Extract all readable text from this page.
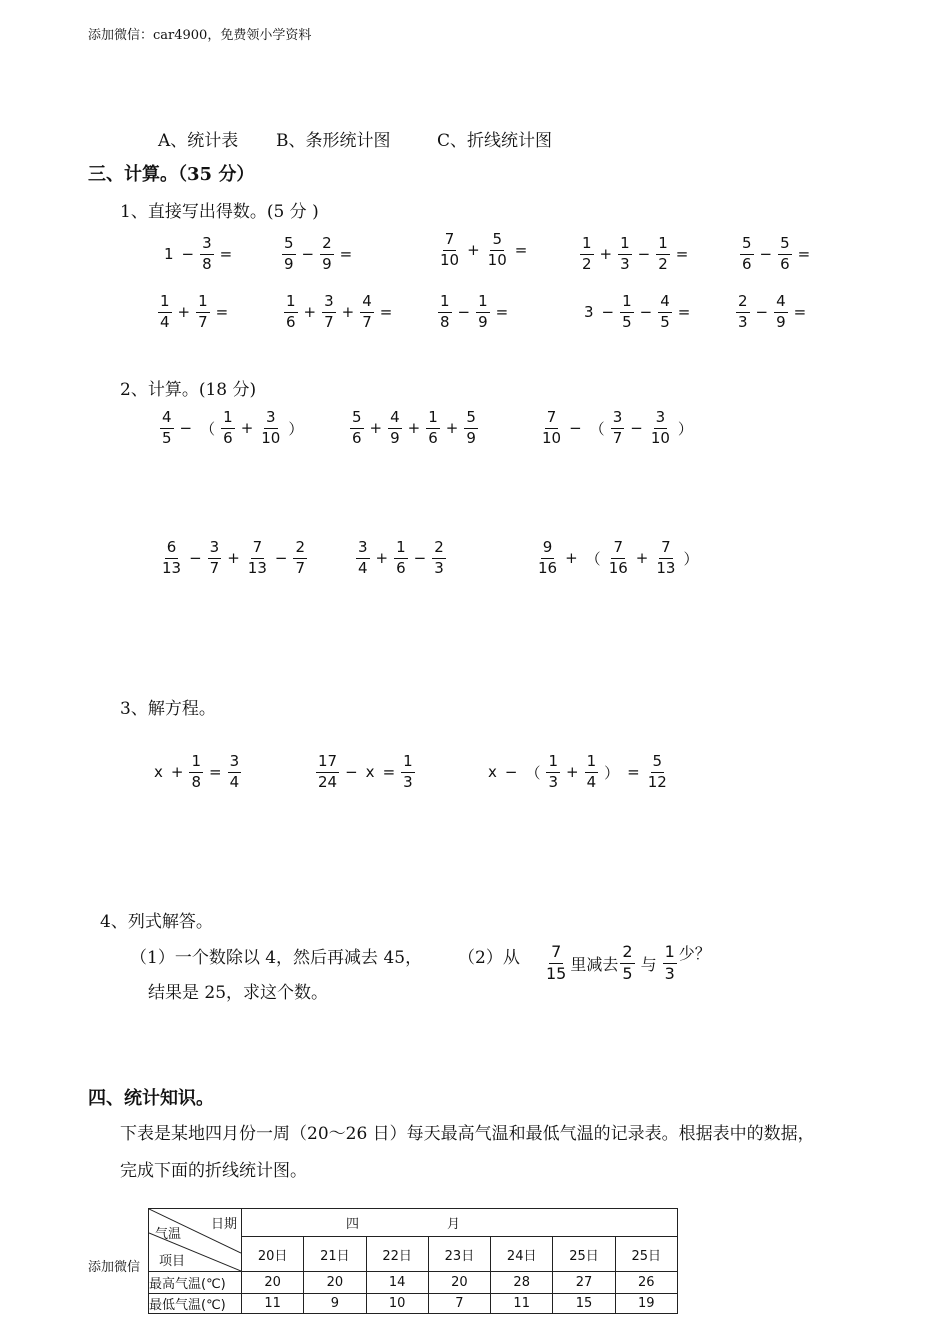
添加微信：car4900，免费领小学资料
A、统计表 B、条形统计图	C、折线统计图
三、计算。（35 分）
1、直接写出得数。(5 分 )
$1 - \frac{3}{8}$ =	$\frac{5}{9} - \frac{2}{9}$ =	$\frac{7}{10} + \frac{5}{10}$ =	$\frac{1}{2} + \frac{1}{3} - \frac{1}{2}$ =	$\frac{5}{6} - \frac{5}{6}$ =
$\frac{1}{4} + \frac{1}{7}$ =	$\frac{1}{6} + \frac{3}{7} + \frac{4}{7}$ =	$\frac{1}{8} - \frac{1}{9}$ =	$3 - \frac{1}{5} - \frac{4}{5}$ =	$\frac{2}{3} - \frac{4}{9}$ =
2、计算。(18 分)
$\frac{4}{5}$ − （ $\frac{1}{6} + \frac{3}{10}$ ）	$\frac{5}{6} + \frac{4}{9} + \frac{1}{6} + \frac{5}{9}$	$\frac{7}{10}$ − （ $\frac{3}{7} - \frac{3}{10}$ ）
$\frac{6}{13} - \frac{3}{7} + \frac{7}{13} - \frac{2}{7}$	$\frac{3}{4} + \frac{1}{6} - \frac{2}{3}$	$\frac{9}{16}$ + （ $\frac{7}{16} + \frac{7}{13}$ ）
3、解方程。
$x + \frac{1}{8} = \frac{3}{4}$	$\frac{17}{24} - x = \frac{1}{3}$	x − （ $\frac{1}{3} + \frac{1}{4}$ ） = $\frac{5}{12}$
4、列式解答。
（1）一个数除以 4，然后再减去 45，
结果是 25，求这个数。
（2）从 $\frac{7}{15}$ 里减去 $\frac{2}{5}$ 与 $\frac{1}{3}$ 少？
四、统计知识。
下表是某地四月份一周（20～26 日）每天最高气温和最低气温的记录表。根据表中的数据，
完成下面的折线统计图。
添加微信
日期
气温
项目	四 月						
	20日	21日	22日	23日	24日	25日	25日
最高气温(℃)	20	20	14	20	28	27	26
最低气温(℃)	11	9	10	7	11	15	19
